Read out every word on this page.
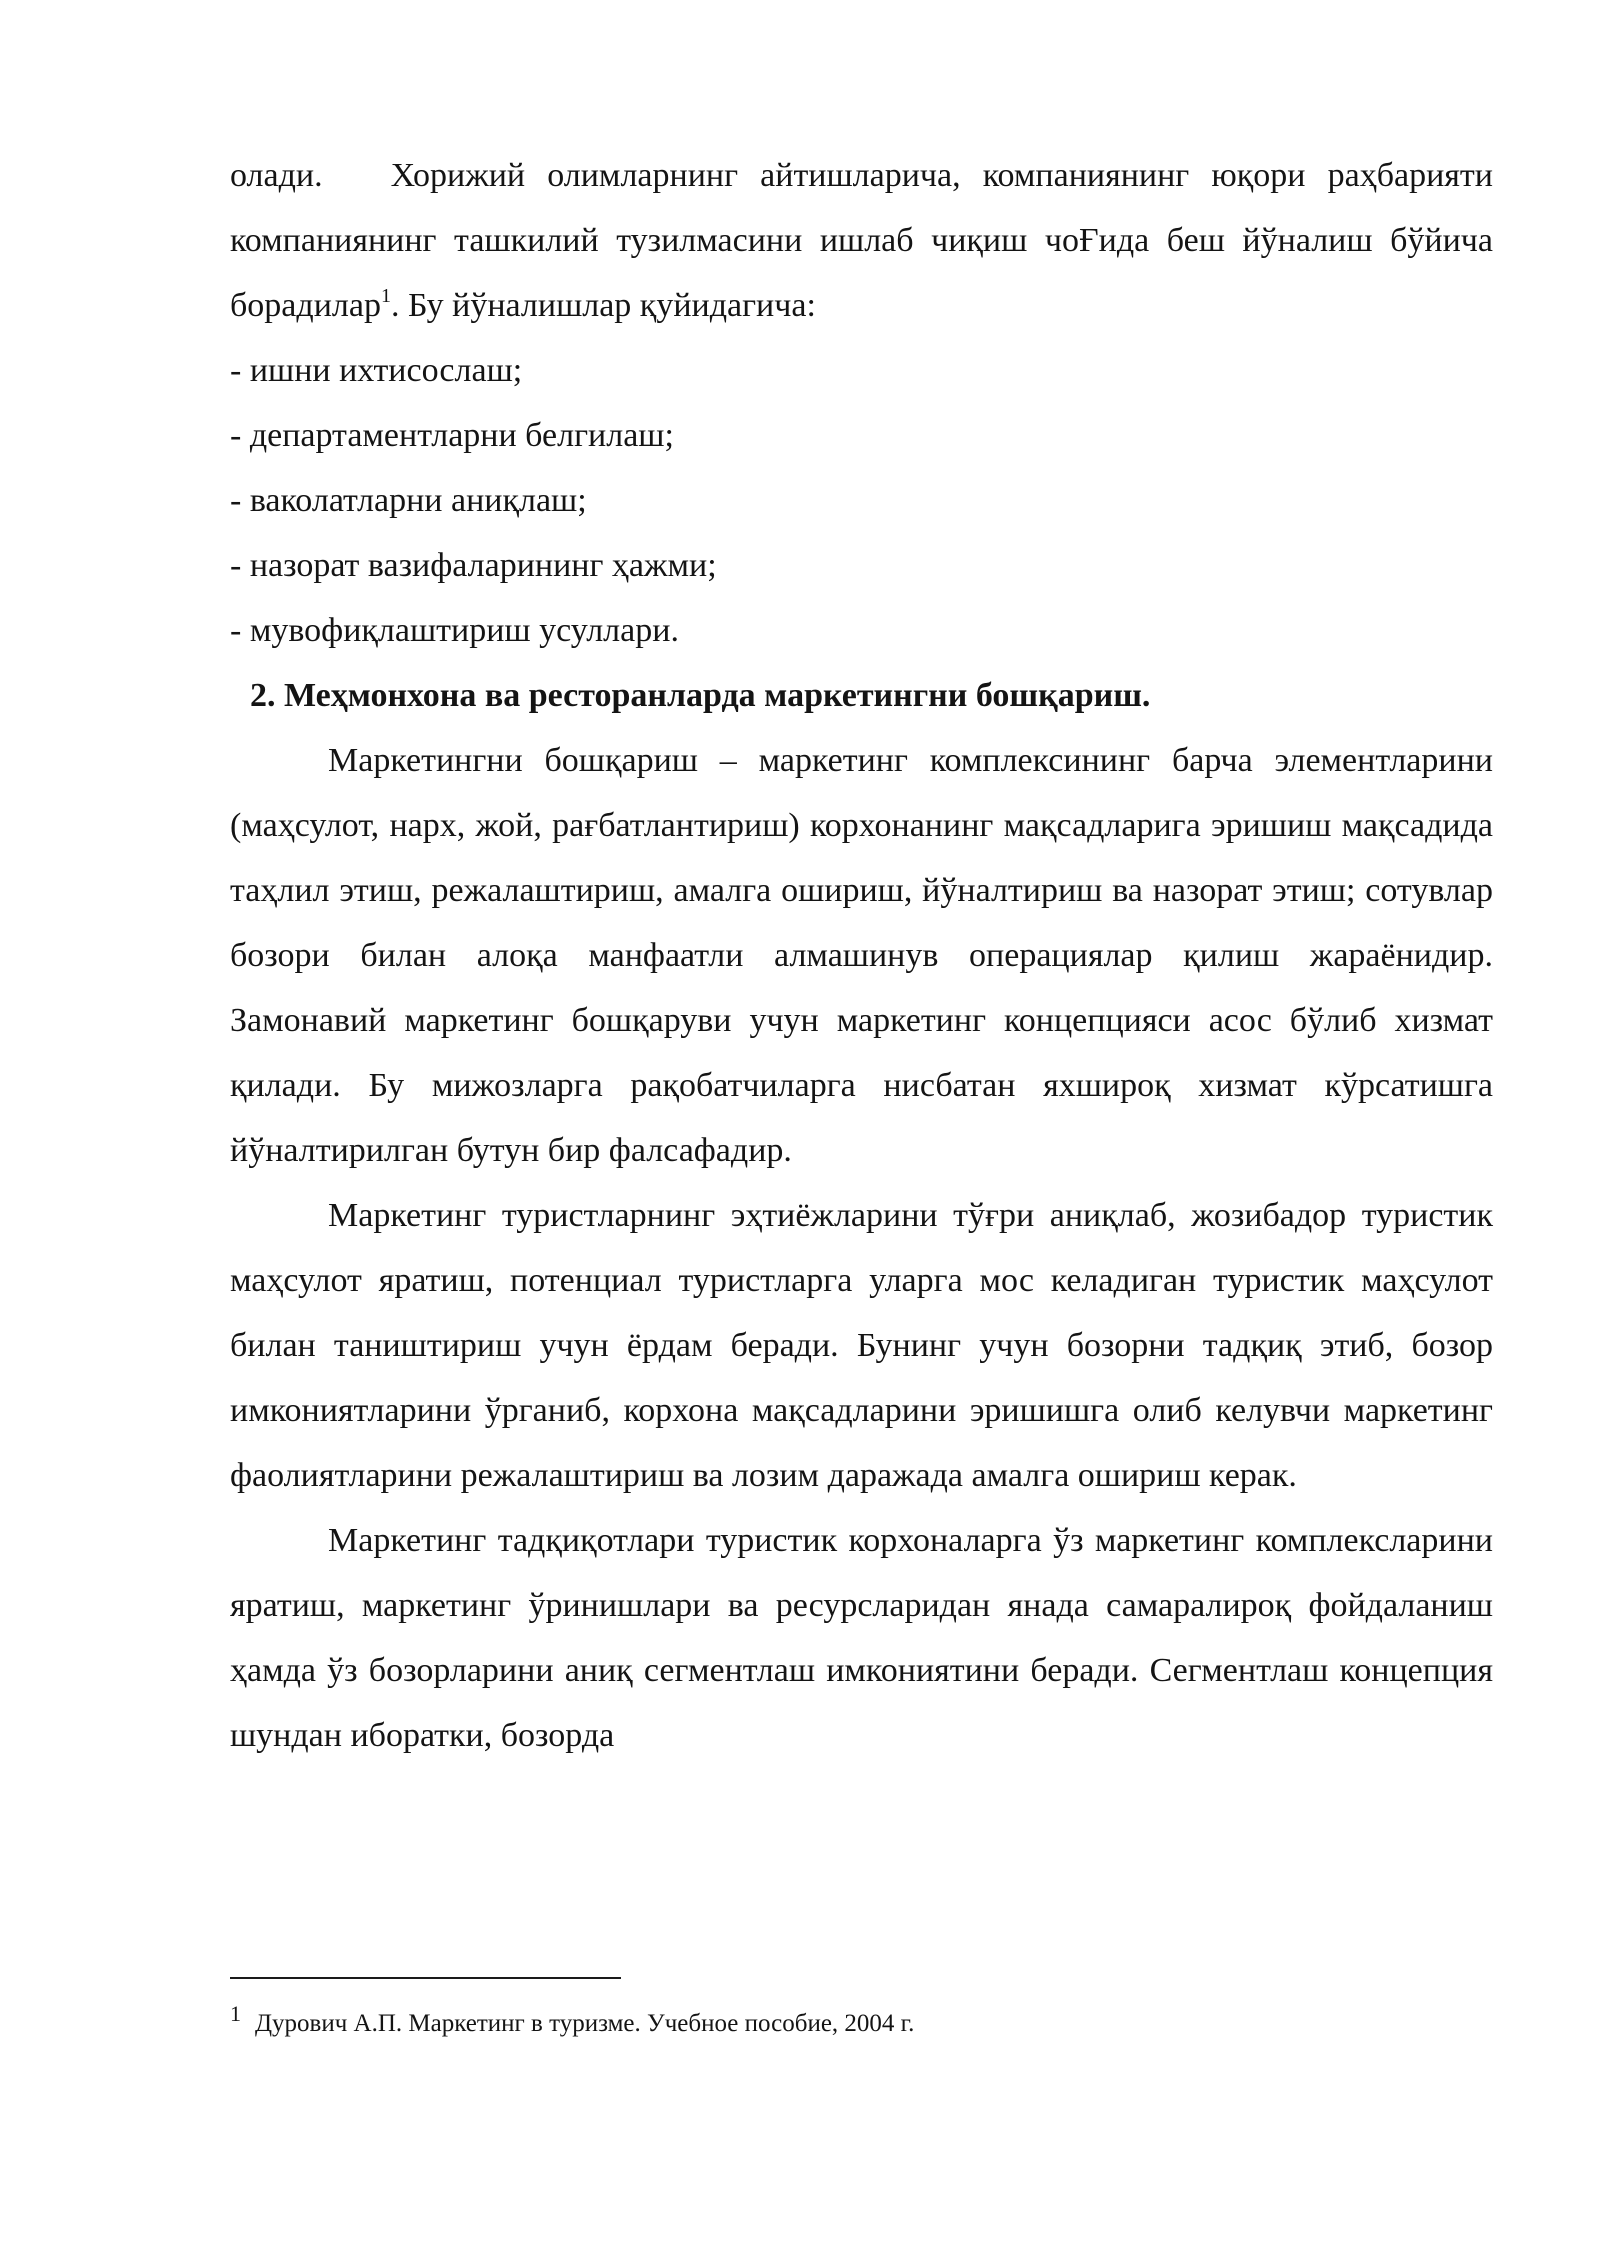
олади.  Хорижий олимларнинг айтишларича, компаниянинг юқори раҳбарияти компаниянинг ташкилий тузилмасини ишлаб чиқиш чоҒида беш йўналиш бўйича борадилар$^1$. Бу йўналишлар қуйидагича:

- ишни ихтисослаш;

- департаментларни белгилаш;

- ваколатларни аниқлаш;

- назорат вазифаларининг ҳажми;

- мувофиқлаштириш усуллари.

2. Меҳмонхона ва ресторанларда маркетингни бошқариш.

Маркетингни бошқариш – маркетинг комплексининг барча элементларини (маҳсулот, нарх, жой, рағбатлантириш) корхонанинг мақсадларига эришиш мақсадида таҳлил этиш, режалаштириш, амалга ошириш, йўналтириш ва назорат этиш; сотувлар бозори билан алоқа манфаатли алмашинув операциялар қилиш жараёнидир. Замонавий маркетинг бошқаруви учун маркетинг концепцияси асос бўлиб хизмат қилади. Бу мижозларга рақобатчиларга нисбатан яхшироқ хизмат кўрсатишга йўналтирилган бутун бир фалсафадир.

Маркетинг туристларнинг эҳтиёжларини тўғри аниқлаб, жозибадор туристик маҳсулот яратиш, потенциал туристларга уларга мос келадиган туристик маҳсулот билан таништириш учун ёрдам беради. Бунинг учун бозорни тадқиқ этиб, бозор имкониятларини ўрганиб, корхона мақсадларини эришишга олиб келувчи маркетинг фаолиятларини режалаштириш ва лозим даражада амалга ошириш керак.

Маркетинг тадқиқотлари туристик корхоналарга ўз маркетинг комплексларини яратиш, маркетинг ўринишлари ва ресурсларидан янада самаралироқ фойдаланиш ҳамда ўз бозорларини аниқ сегментлаш имкониятини беради. Сегментлаш концепция шундан иборатки, бозорда

1 Дурович А.П. Маркетинг в туризме. Учебное пособие, 2004 г.
